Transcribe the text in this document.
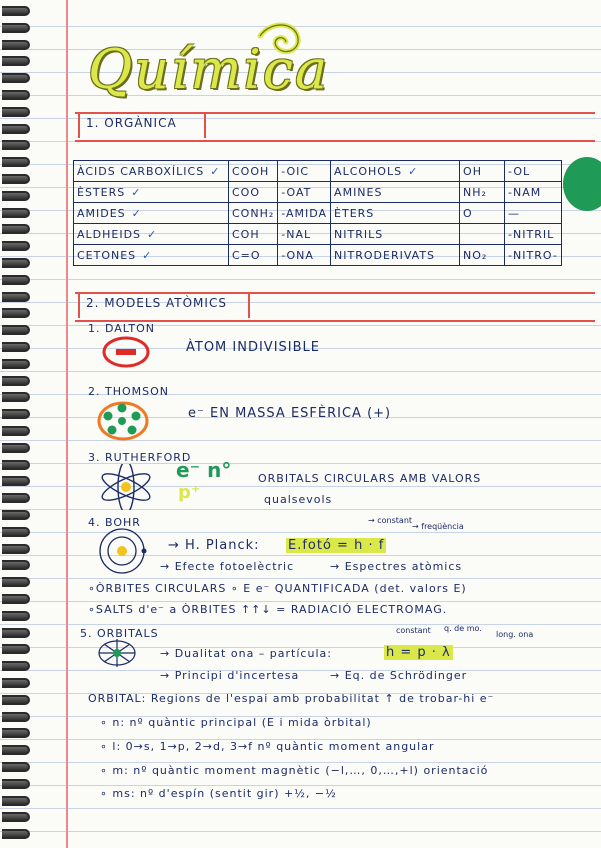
Química
1. ORGÀNICA
ÀCIDS CARBOXÍLICS ✓	COOH	-OIC	ALCOHOLS ✓	OH	-OL
ÈSTERS ✓	COO	-OAT	AMINES	NH₂	-NAM
AMIDES ✓	CONH₂	-AMIDA	ÈTERS	O	—
ALDHEIDS ✓	COH	-NAL	NITRILS		-NITRIL
CETONES ✓	C=O	-ONA	NITRODERIVATS	NO₂	-NITRO-
2. MODELS ATÒMICS
1. DALTON
ÀTOM INDIVISIBLE
2. THOMSON
e⁻ EN MASSA ESFÈRICA (+)
3. RUTHERFORD
e⁻ n°
p⁺
ORBITALS CIRCULARS AMB VALORS
qualsevols
4. BOHR
→ H. Planck: E.fotó = h · f
→ constant
→ freqüència
→ Efecte fotoelèctric	→ Espectres atòmics
∘ÒRBITES CIRCULARS ∘ E e⁻ QUANTIFICADA (det. valors E)
∘SALTS d'e⁻ a ÒRBITES ↑↑↓ = RADIACIÓ ELECTROMAG.
5. ORBITALS
→ Dualitat ona – partícula:	h = p · λ
constant q. de mo.
long. ona
→ Principi d'incertesa	→ Eq. de Schrödinger
ORBITAL: Regions de l'espai amb probabilitat ↑ de trobar-hi e⁻
∘ n: nº quàntic principal (E i mida òrbital)
∘ l: 0→s, 1→p, 2→d, 3→f nº quàntic moment angular
∘ m: nº quàntic moment magnètic (−l,…, 0,…,+l) orientació
∘ ms: nº d'espín (sentit gir) +½, −½
